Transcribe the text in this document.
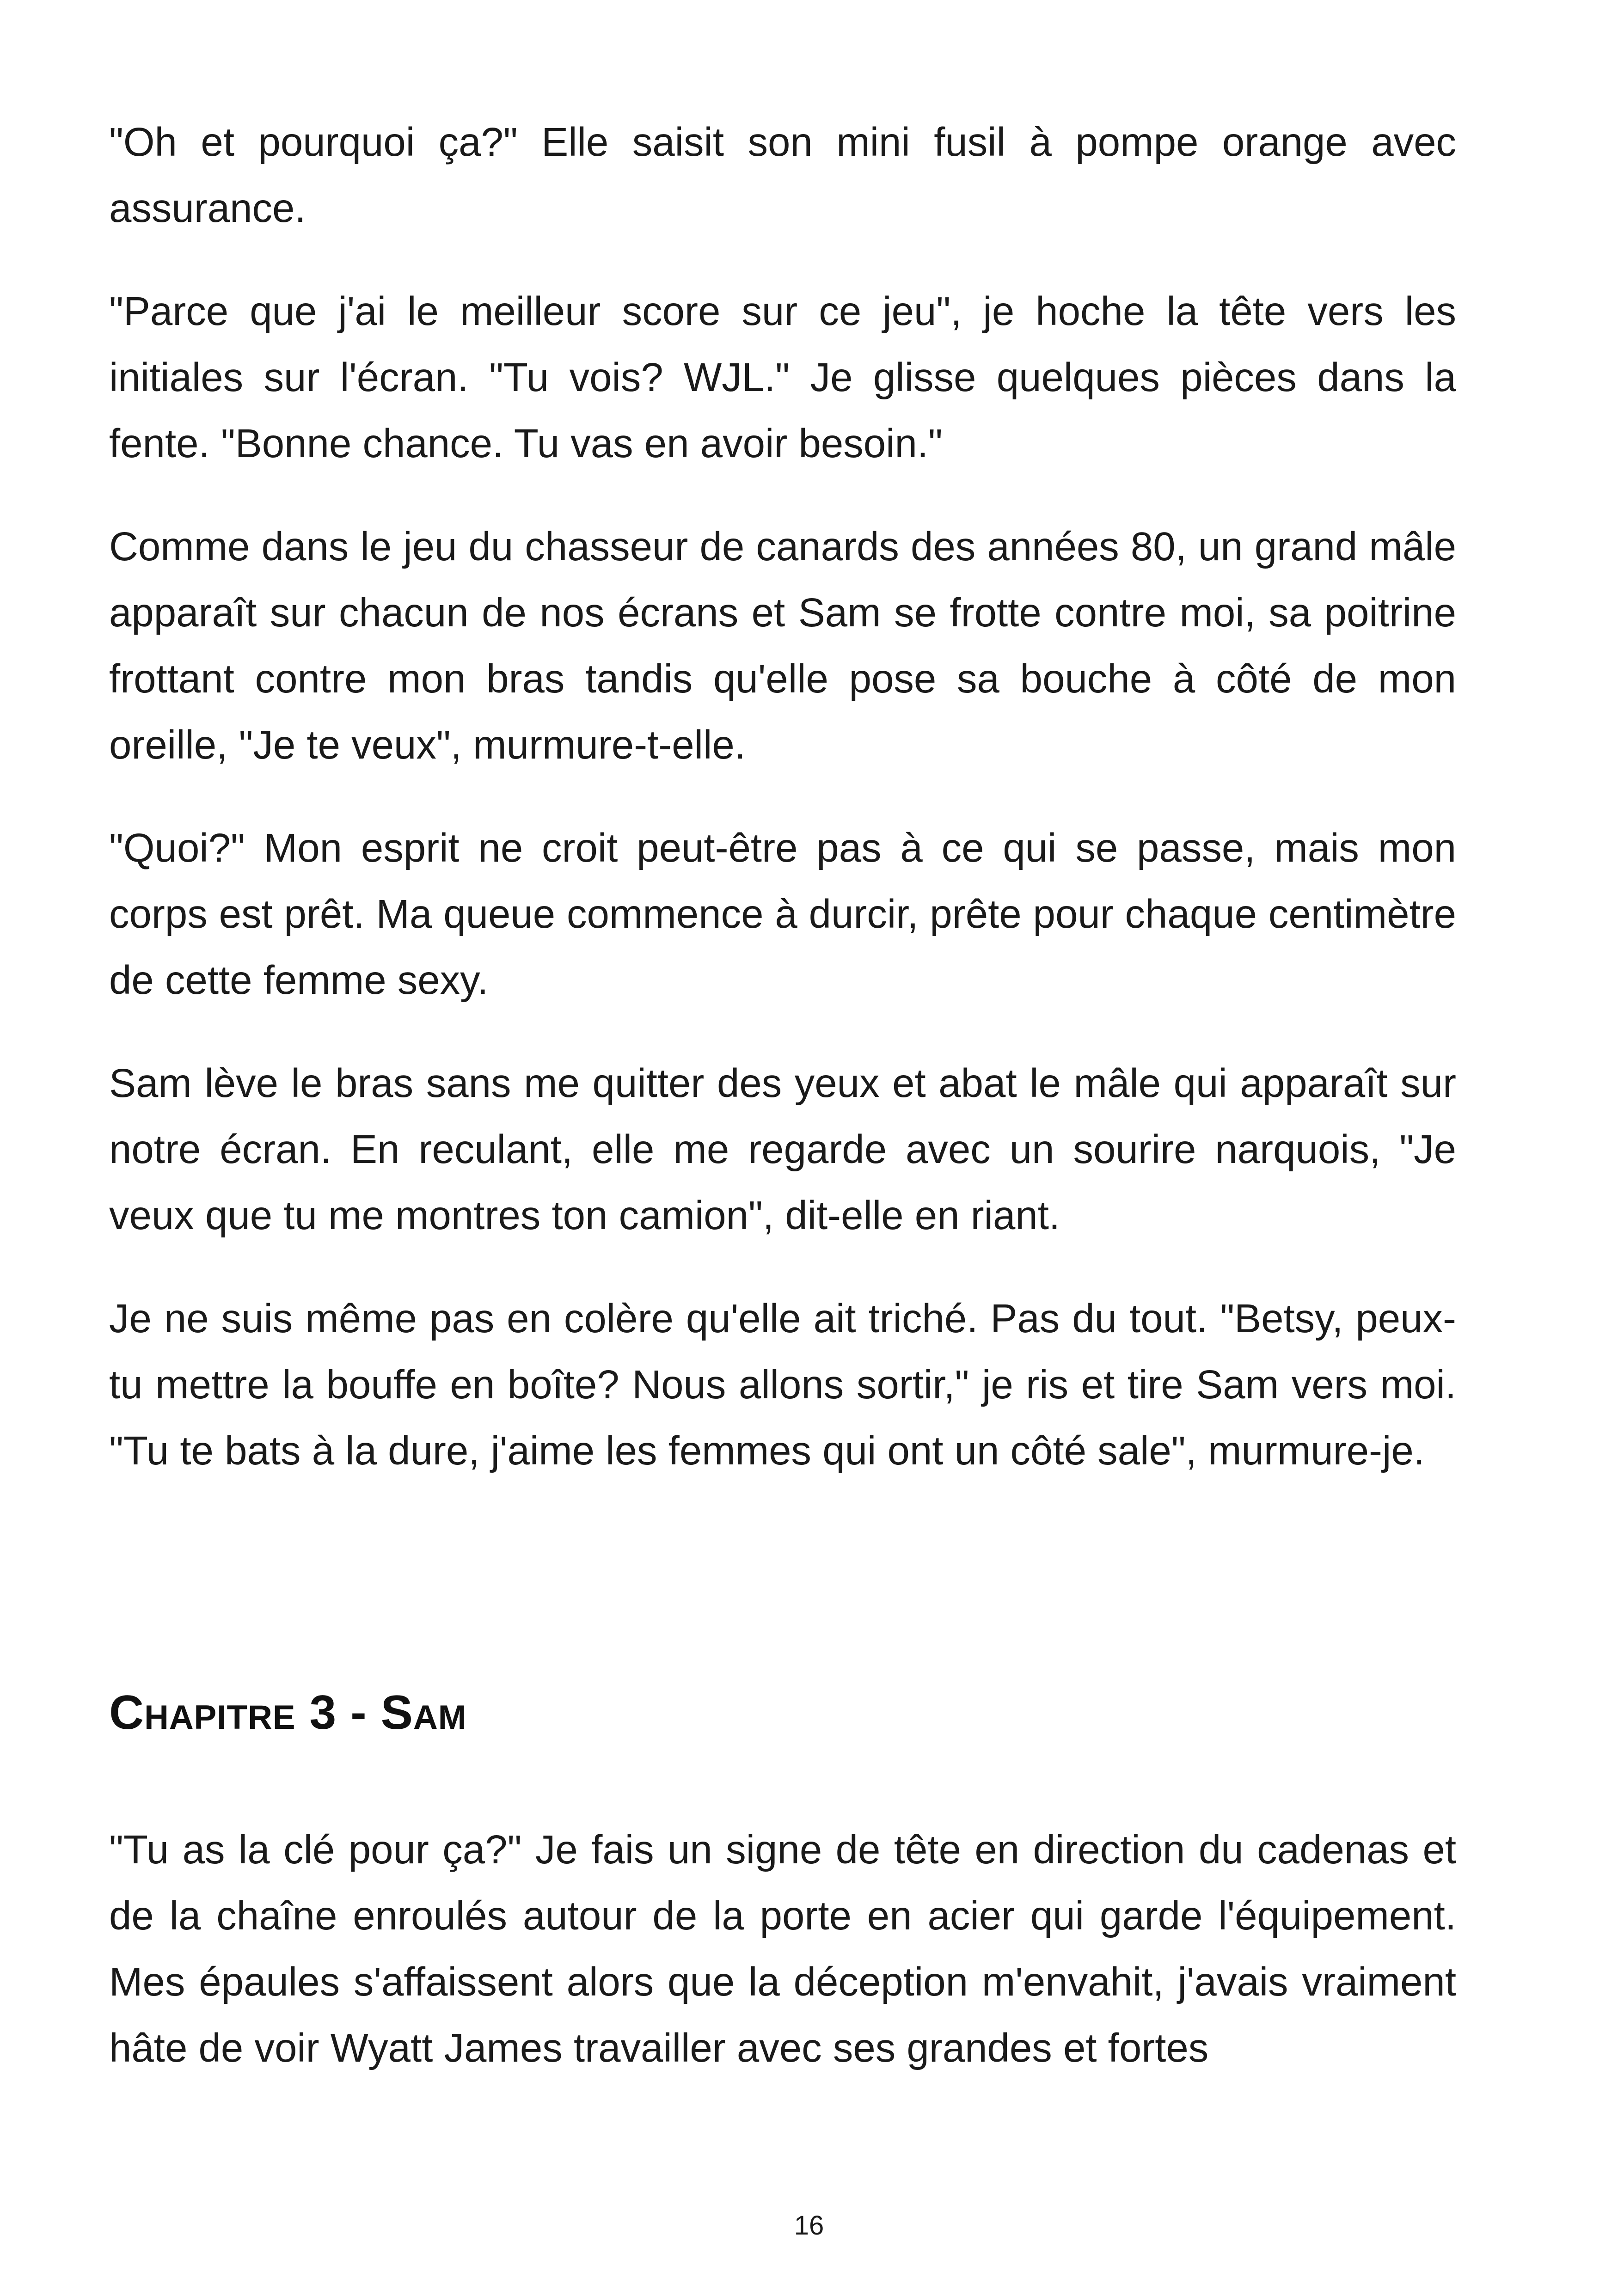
"Oh et pourquoi ça?" Elle saisit son mini fusil à pompe orange avec assurance.

"Parce que j'ai le meilleur score sur ce jeu", je hoche la tête vers les initiales sur l'écran. "Tu vois? WJL." Je glisse quelques pièces dans la fente. "Bonne chance. Tu vas en avoir besoin."

Comme dans le jeu du chasseur de canards des années 80, un grand mâle apparaît sur chacun de nos écrans et Sam se frotte contre moi, sa poitrine frottant contre mon bras tandis qu'elle pose sa bouche à côté de mon oreille, "Je te veux", murmure-t-elle.

"Quoi?" Mon esprit ne croit peut-être pas à ce qui se passe, mais mon corps est prêt. Ma queue commence à durcir, prête pour chaque centimètre de cette femme sexy.

Sam lève le bras sans me quitter des yeux et abat le mâle qui apparaît sur notre écran. En reculant, elle me regarde avec un sourire narquois, "Je veux que tu me montres ton camion", dit-elle en riant.

Je ne suis même pas en colère qu'elle ait triché. Pas du tout. "Betsy, peux-tu mettre la bouffe en boîte? Nous allons sortir," je ris et tire Sam vers moi. "Tu te bats à la dure, j'aime les femmes qui ont un côté sale", murmure-je.

Chapitre 3 - Sam

"Tu as la clé pour ça?" Je fais un signe de tête en direction du cadenas et de la chaîne enroulés autour de la porte en acier qui garde l'équipement. Mes épaules s'affaissent alors que la déception m'envahit, j'avais vraiment hâte de voir Wyatt James travailler avec ses grandes et fortes

16
